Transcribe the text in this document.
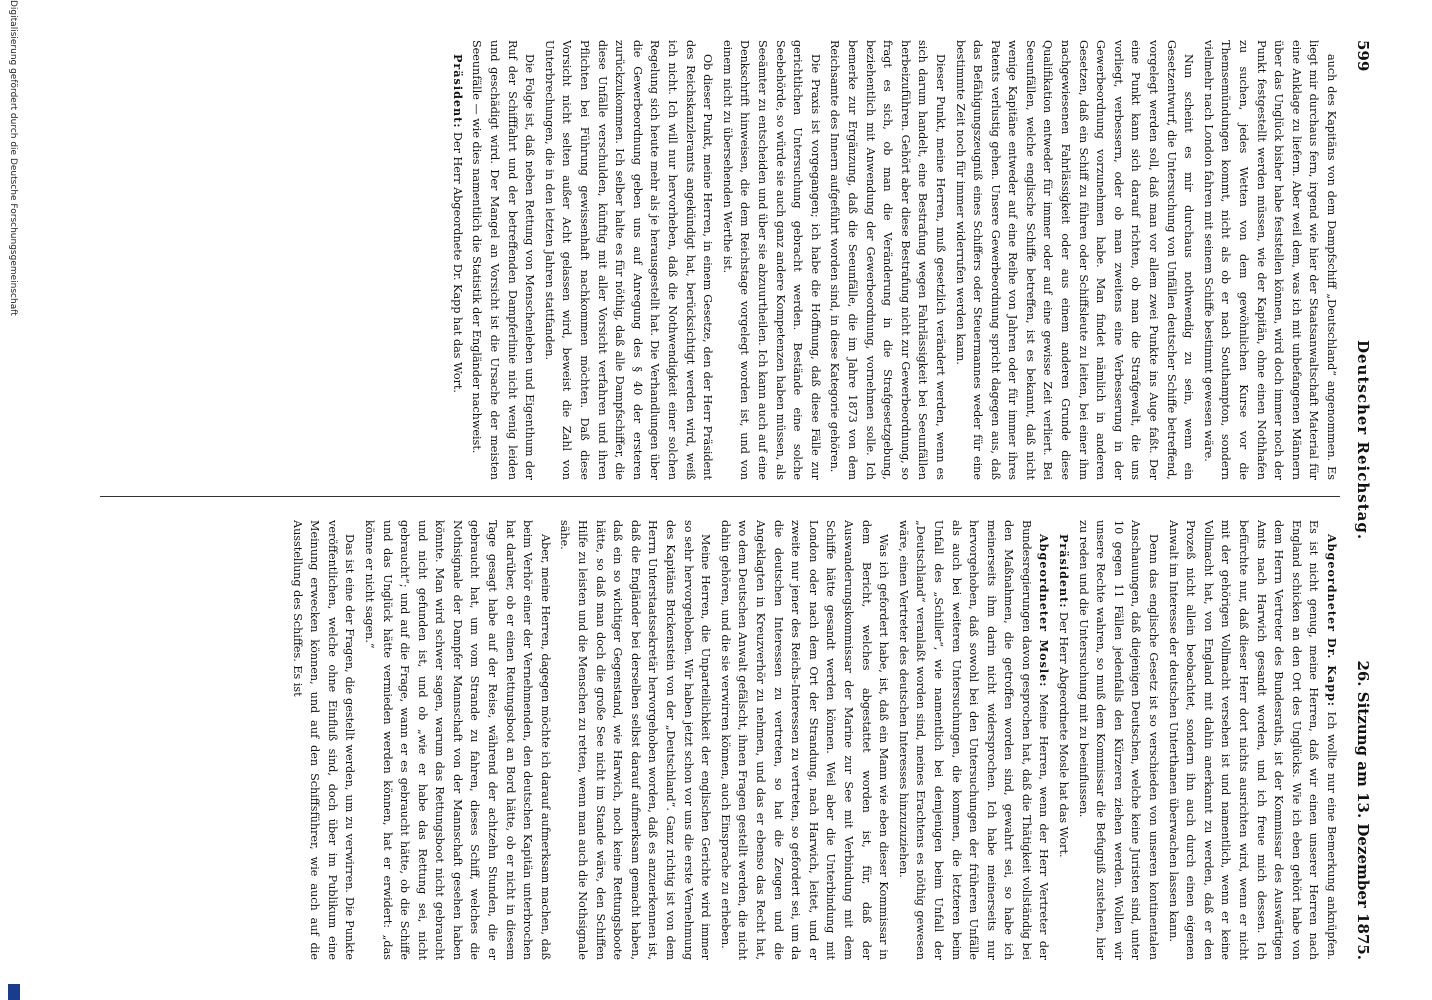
599
Deutscher Reichstag.
26. Sitzung am 13. Dezember 1875.

auch des Kapitäns von dem Dampfschiff „Deutschland“ angenommen. Es liegt mir durchaus fern, irgend wie hier der Staatsanwaltschaft Material für eine Anklage zu liefern. Aber weil dem, was ich mit unbefangenen Männern über das Unglück bisher habe feststellen können, wird doch immer noch der Punkt festgestellt werden müssen, wie der Kapitän, ohne einen Nothhafen zu suchen, jedes Wetten von dem gewöhnlichen Kurse vor die Themsemündungen kommt, nicht als ob er nach Southampton, sondern vielmehr nach London fahren mit seinem Schiffe bestimmt gewesen wäre.

Nun scheint es mir durchaus nothwendig zu sein, wenn ein Gesetzentwurf, die Untersuchung von Unfällen deutscher Schiffe betreffend, vorgelegt werden soll, daß man vor allem zwei Punkte ins Auge faßt. Der eine Punkt kann sich darauf richten, ob man die Strafgewalt, die uns vorliegt, verbessern, oder ob man zweitens eine Verbesserung in der Gewerbeordnung vorzunehmen habe. Man findet nämlich in anderen Gesetzen, daß ein Schiff zu führen oder Schiffsleute zu leiten, bei einer ihm nachgewiesenen Fahrlässigkeit oder aus einem anderen Grunde diese Qualifikation entweder für immer oder auf eine gewisse Zeit verliert. Bei Seeunfällen, welche englische Schiffe betreffen, ist es bekannt, daß nicht wenige Kapitäne entweder auf eine Reihe von Jahren oder für immer ihres Patents verlustig gehen. Unsere Gewerbeordnung spricht dagegen aus, daß das Befähigungszeugniß eines Schiffers oder Steuermannes weder für eine bestimmte Zeit noch für immer widerrufen werden kann.

Dieser Punkt, meine Herren, muß gesetzlich verändert werden, wenn es sich darum handelt, eine Bestrafung wegen Fahrlässigkeit bei Seeunfällen herbeizuführen. Gehört aber diese Bestrafung nicht zur Gewerbeordnung, so fragt es sich, ob man die Veränderung in die Strafgesetzgebung, beziehentlich mit Anwendung der Gewerbeordnung, vornehmen solle. Ich bemerke zur Ergänzung, daß die Seeunfälle, die im Jahre 1873 von dem Reichsamte des Innern aufgeführt worden sind, in diese Kategorie gehören.

Die Praxis ist vorgegangen; ich habe die Hoffnung, daß diese Fälle zur gerichtlichen Untersuchung gebracht werden. Bestände eine solche Seebehörde, so würde sie auch ganz andere Kompetenzen haben müssen, als Seeämter zu entscheiden und über sie abzuurtheilen. Ich kann auch auf eine Denkschrift hinweisen, die dem Reichstage vorgelegt worden ist, und von einem nicht zu übersehenden Werthe ist.

Ob dieser Punkt, meine Herren, in einem Gesetze, den der Herr Präsident des Reichskanzleramts angekündigt hat, berücksichtigt werden wird, weiß ich nicht. Ich will nur hervorheben, daß die Nothwendigkeit einer solchen Regelung sich heute mehr als je herausgestellt hat. Die Verhandlungen über die Gewerbeordnung geben uns auf Anregung des § 40 der ersteren zurückzukommen. Ich selber halte es für nöthig, daß alle Dampfschiffer, die diese Unfälle verschulden, künftig mit aller Vorsicht verfahren und ihren Pflichten bei Führung gewissenhaft nachkommen möchten. Daß diese Vorsicht nicht selten außer Acht gelassen wird, beweist die Zahl von Unterbrechungen, die in den letzten Jahren stattfanden.

Die Folge ist, daß neben Rettung von Menschenleben und Eigenthum der Ruf der Schifffahrt und der betreffenden Dampferlinie nicht wenig leiden und geschädigt wird. Der Mangel an Vorsicht ist die Ursache der meisten Seeunfälle — wie dies namentlich die Statistik der Engländer nachweist.

Präsident: Der Herr Abgeordnete Dr. Kapp hat das Wort.

Abgeordneter Dr. Kapp: Ich wollte nur eine Bemerkung anknüpfen. Es ist nicht genug, meine Herren, daß wir einen unserer Herren nach England schicken an den Ort des Unglücks. Wie ich eben gehört habe von dem Herrn Vertreter des Bundesraths, ist der Kommissar des Auswärtigen Amts nach Harwich gesandt worden, und ich freue mich dessen. Ich befürchte nur, daß dieser Herr dort nichts ausrichten wird, wenn er nicht mit der gehörigen Vollmacht versehen ist und namentlich, wenn er keine Vollmacht hat, von England mit dahin anerkannt zu werden, daß er den Prozeß nicht allein beobachtet, sondern ihn auch durch einen eigenen Anwalt im Interesse der deutschen Unterthanen überwachen lassen kann.

Denn das englische Gesetz ist so verschieden von unseren kontinentalen Anschauungen, daß diejenigen Deutschen, welche keine Juristen sind, unter 10 gegen 11 Fällen jedenfalls den Kürzeren ziehen werden. Wollen wir unsere Rechte wahren, so muß dem Kommissar die Befugniß zustehen, hier zu reden und die Untersuchung mit zu beeinflussen.

Präsident: Der Herr Abgeordnete Mosle hat das Wort.

Abgeordneter Mosle: Meine Herren, wenn der Herr Vertreter der Bundesregierungen davon gesprochen hat, daß die Thätigkeit vollständig bei den Maßnahmen, die getroffen worden sind, gewahrt sei, so habe ich meinerseits ihm darin nicht widersprochen. Ich habe meinerseits nur hervorgehoben, daß sowohl bei den Untersuchungen der früheren Unfälle als auch bei weiteren Untersuchungen, die kommen, die letzteren beim Unfall des „Schiller“, wie namentlich bei demjenigen beim Unfall der „Deutschland“ veranlaßt worden sind, meines Erachtens es nöthig gewesen wäre, einen Vertreter des deutschen Interesses hinzuzuziehen.

Was ich gefordert habe, ist, daß ein Mann wie eben dieser Kommissar in dem Bericht, welches abgestattet worden ist, für, daß der Auswanderungskommissar der Marine zur See mit Verbindung mit dem Schiffe hätte gesandt werden können. Weil aber die Unterbindung mit London oder nach dem Ort der Strandung, nach Harwich, leitet, und er zweite nur jener des Reichs-Interessen zu vertreten, so gefordert sei, um da die deutschen Interessen zu vertreten, so hat die Zeugen und die Angeklagten in Kreuzverhör zu nehmen, und das er ebenso das Recht hat, wo dem Deutschen Anwalt gefälscht, ihnen Fragen gestellt werden, die nicht dahin gehören, und die sie verwirren können, auch Einsprache zu erheben.

Meine Herren, die Unparteilichkeit der englischen Gerichte wird immer so sehr hervorgehoben. Wir haben jetzt schon vor uns die erste Vernehmung des Kapitäns Brickenstein von der „Deutschland“. Ganz richtig ist von dem Herrn Unterstaatssekretär hervorgehoben worden, daß es anzuerkennen ist, daß die Engländer bei derselben selbst darauf aufmerksam gemacht haben, daß ein so wichtiger Gegenstand, wie Harwich, noch keine Rettungsboote hätte, so daß man doch die große See nicht im Stande wäre, den Schiffen Hilfe zu leisten und die Menschen zu retten, wenn man auch die Nothsignale sähe.

Aber, meine Herren, dagegen möchte ich darauf aufmerksam machen, daß beim Verhör einer der Vernehmenden, den deutschen Kapitän unterbrochen hat darüber, ob er einen Rettungsboot an Bord hätte, ob er nicht in diesem Tage gesagt habe auf der Reise, während der achtzehn Stunden, die er gebraucht hat, um vom Strande zu fahren, dieses Schiff, welches die Nothsignale der Dampfer Mannschaft von der Mannschaft gesehen haben könnte. Man wird schwer sagen, warum das Rettungsboot nicht gebraucht und nicht gefunden ist, und ob „wie er habe das Rettung sei, nicht gebraucht“; und auf die Frage, wann er es gebraucht hätte, ob die Schiffe und das Unglück hätte vermieden werden können, hat er erwidert: „das könne er nicht sagen.“

Das ist eine der Fragen, die gestellt werden, um zu verwirren. Die Punkte veröffentlichen, welche ohne Einfluß sind, doch über im Publikum eine Meinung erwecken können, und auf den Schiffsführer, wie auch auf die Ausstellung des Schiffes. Es ist

Digitalisierung gefördert durch die Deutsche Forschungsgemeinschaft
